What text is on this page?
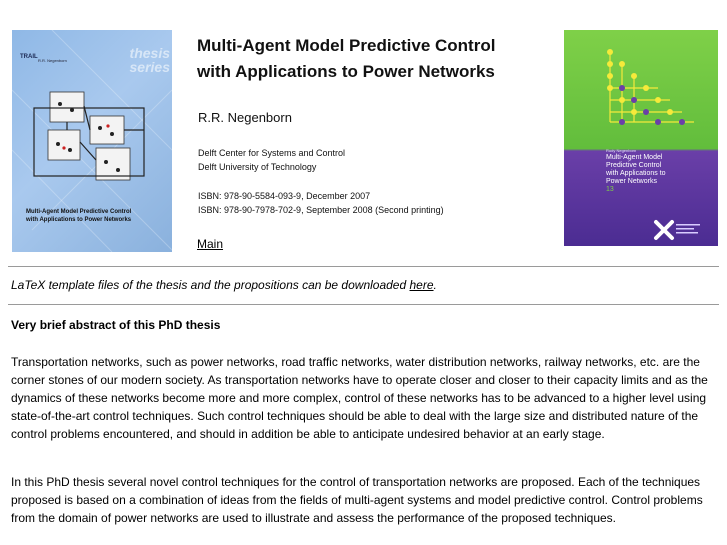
TRAIL
R.R. Negenborn	thesis
series
Multi-Agent Model Predictive Control
with Applications to Power Networks
Multi-Agent Model Predictive Control
with Applications to Power Networks
R.R. Negenborn
Delft Center for Systems and Control
Delft University of Technology
ISBN: 978-90-5584-093-9, December 2007
ISBN: 978-90-7978-702-9, September 2008 (Second printing)
Main
Rudy Negenborn
Multi-Agent Model
Predictive Control
with Applications to
Power Networks
13
LaTeX template files of the thesis and the propositions can be downloaded here.
Very brief abstract of this PhD thesis
Transportation networks, such as power networks, road traffic networks, water distribution networks, railway networks, etc. are the corner stones of our modern society. As transportation networks have to operate closer and closer to their capacity limits and as the dynamics of these networks become more and more complex, control of these networks has to be advanced to a higher level using state-of-the-art control techniques. Such control techniques should be able to deal with the large size and distributed nature of the control problems encountered, and should in addition be able to anticipate undesired behavior at an early stage.
In this PhD thesis several novel control techniques for the control of transportation networks are proposed. Each of the techniques proposed is based on a combination of ideas from the fields of multi-agent systems and model predictive control. Control problems from the domain of power networks are used to illustrate and assess the performance of the proposed techniques.
